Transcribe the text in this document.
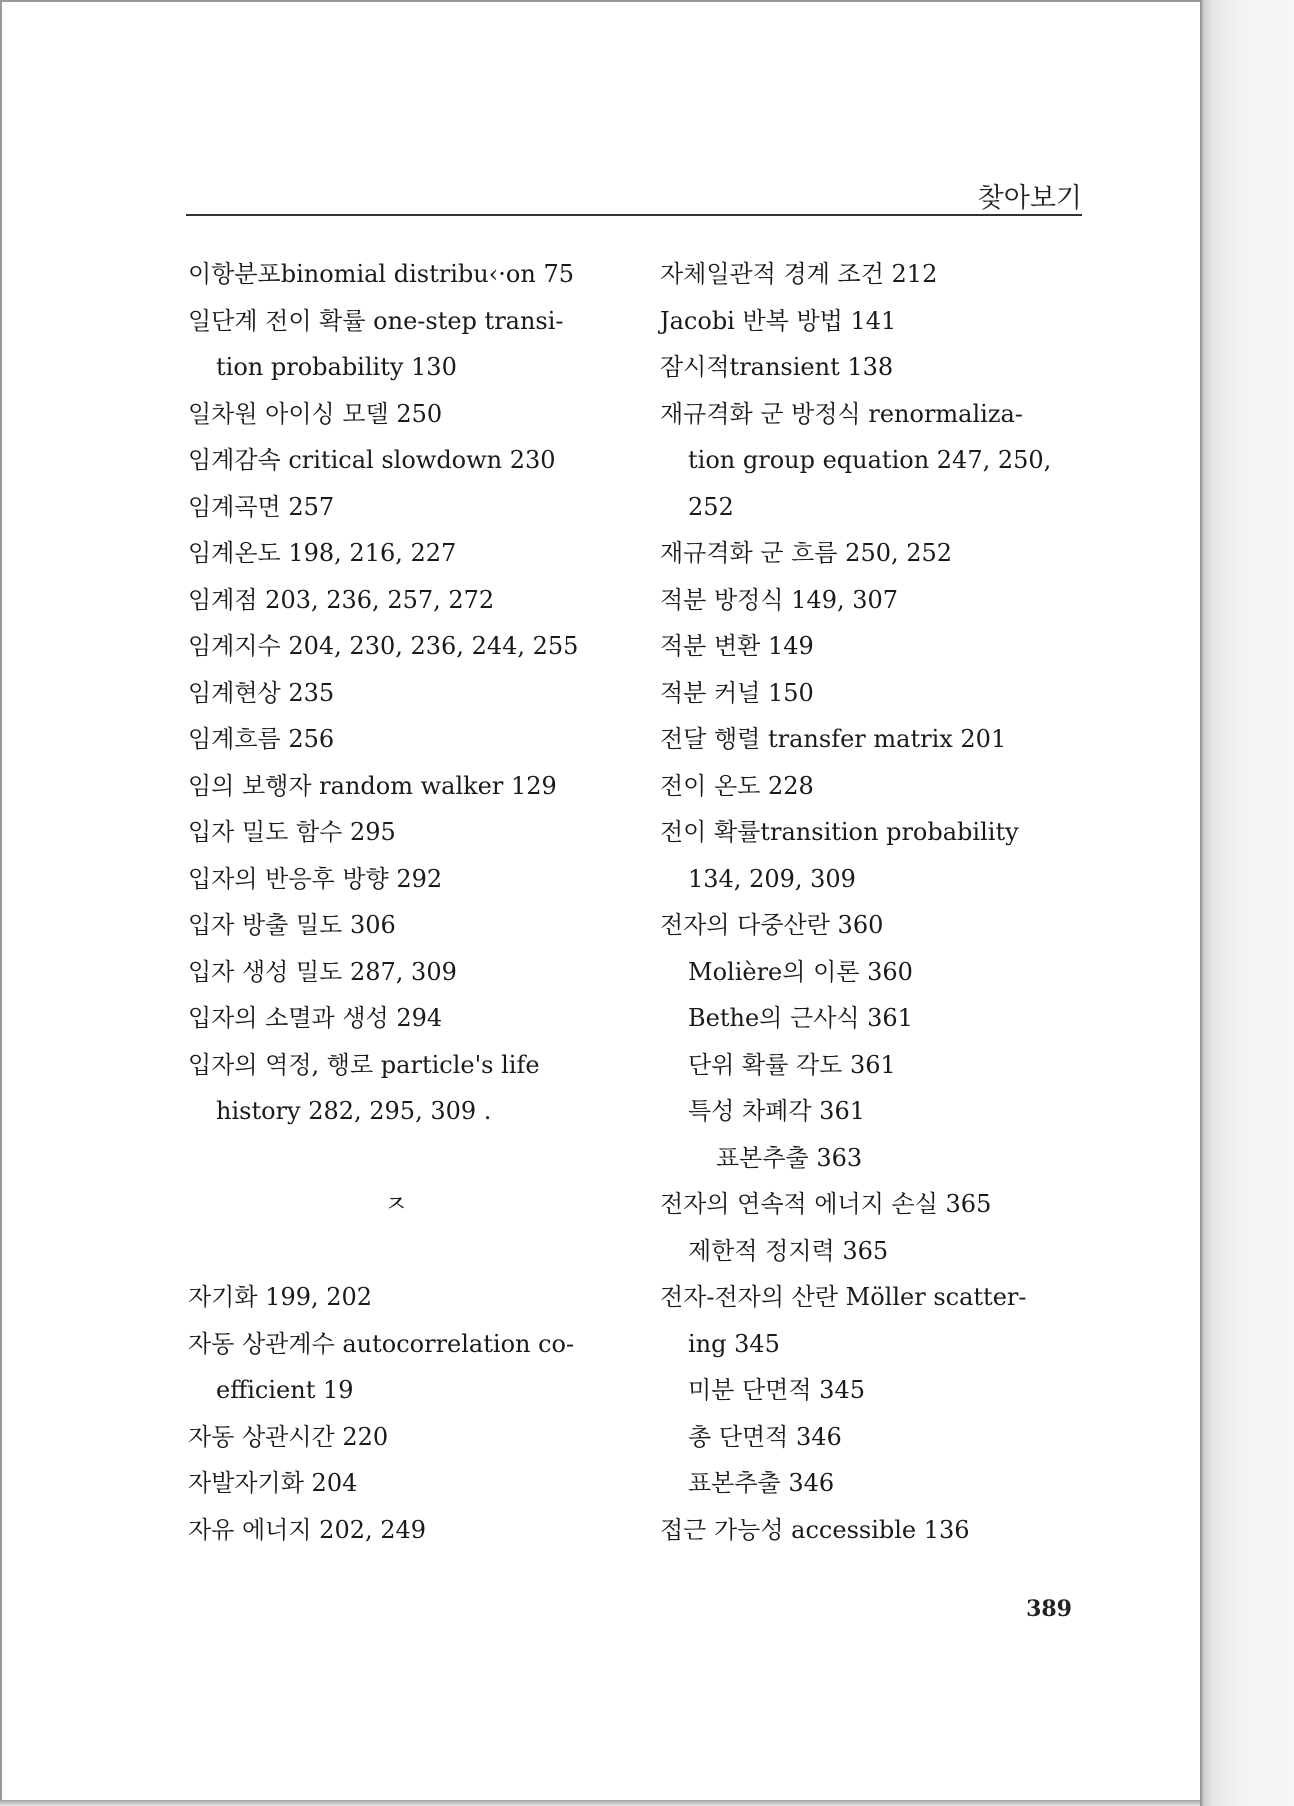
찾아보기
이항분포binomial distribu‹·on 75
일단계 전이 확률 one-step transi-
tion probability 130
일차원 아이싱 모델 250
임계감속 critical slowdown 230
임계곡면 257
임계온도 198, 216, 227
임계점 203, 236, 257, 272
임계지수 204, 230, 236, 244, 255
임계현상 235
임계흐름 256
임의 보행자 random walker 129
입자 밀도 함수 295
입자의 반응후 방향 292
입자 방출 밀도 306
입자 생성 밀도 287, 309
입자의 소멸과 생성 294
입자의 역정, 행로 particle's life
history 282, 295, 309 .
ㅈ
자기화 199, 202
자동 상관계수 autocorrelation co-
efficient 19
자동 상관시간 220
자발자기화 204
자유 에너지 202, 249
자체일관적 경계 조건 212
Jacobi 반복 방법 141
잠시적transient 138
재규격화 군 방정식 renormaliza-
tion group equation 247, 250,
252
재규격화 군 흐름 250, 252
적분 방정식 149, 307
적분 변환 149
적분 커널 150
전달 행렬 transfer matrix 201
전이 온도 228
전이 확률transition probability
134, 209, 309
전자의 다중산란 360
Molière의 이론 360
Bethe의 근사식 361
단위 확률 각도 361
특성 차폐각 361
표본추출 363
전자의 연속적 에너지 손실 365
제한적 정지력 365
전자-전자의 산란 Möller scatter-
ing 345
미분 단면적 345
총 단면적 346
표본추출 346
접근 가능성 accessible 136
389
